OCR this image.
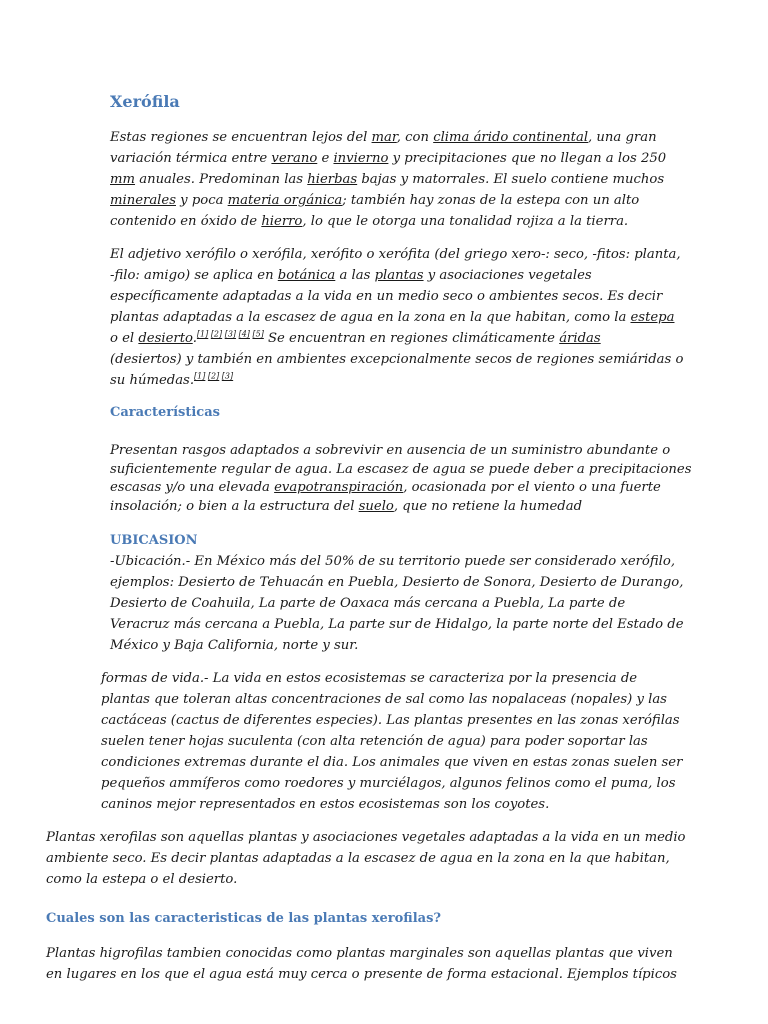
Xerófila

Estas regiones se encuentran lejos del mar, con clima árido continental, una gran
variación térmica entre verano e invierno y precipitaciones que no llegan a los 250
mm anuales. Predominan las hierbas bajas y matorrales. El suelo contiene muchos
minerales y poca materia orgánica; también hay zonas de la estepa con un alto
contenido en óxido de hierro, lo que le otorga una tonalidad rojiza a la tierra.

El adjetivo xerófilo o xerófila, xerófito o xerófita (del griego xero-: seco, -fitos: planta,
-filo: amigo) se aplica en botánica a las plantas y asociaciones vegetales
específicamente adaptadas a la vida en un medio seco o ambientes secos. Es decir
plantas adaptadas a la escasez de agua en la zona en la que habitan, como la estepa
o el desierto.[1] [2] [3] [4] [5] Se encuentran en regiones climáticamente áridas
(desiertos) y también en ambientes excepcionalmente secos de regiones semiáridas o
su húmedas.[1] [2] [3]

Características

Presentan rasgos adaptados a sobrevivir en ausencia de un suministro abundante o
suficientemente regular de agua. La escasez de agua se puede deber a precipitaciones
escasas y/o una elevada evapotranspiración, ocasionada por el viento o una fuerte
insolación; o bien a la estructura del suelo, que no retiene la humedad

UBICASION

-Ubicación.- En México más del 50% de su territorio puede ser considerado xerófilo,
ejemplos: Desierto de Tehuacán en Puebla, Desierto de Sonora, Desierto de Durango,
Desierto de Coahuila, La parte de Oaxaca más cercana a Puebla, La parte de
Veracruz más cercana a Puebla, La parte sur de Hidalgo, la parte norte del Estado de
México y Baja California, norte y sur.

formas de vida.- La vida en estos ecosistemas se caracteriza por la presencia de
plantas que toleran altas concentraciones de sal como las nopalaceas (nopales) y las
cactáceas (cactus de diferentes especies). Las plantas presentes en las zonas xerófilas
suelen tener hojas suculenta (con alta retención de agua) para poder soportar las
condiciones extremas durante el dia. Los animales que viven en estas zonas suelen ser
pequeños ammíferos como roedores y murciélagos, algunos felinos como el puma, los
caninos mejor representados en estos ecosistemas son los coyotes.

Plantas xerofilas son aquellas plantas y asociaciones vegetales adaptadas a la vida en un medio
ambiente seco. Es decir plantas adaptadas a la escasez de agua en la zona en la que habitan,
como la estepa o el desierto.

Cuales son las caracteristicas de las plantas xerofilas?

Plantas higrofilas tambien conocidas como plantas marginales son aquellas plantas que viven
en lugares en los que el agua está muy cerca o presente de forma estacional. Ejemplos típicos
